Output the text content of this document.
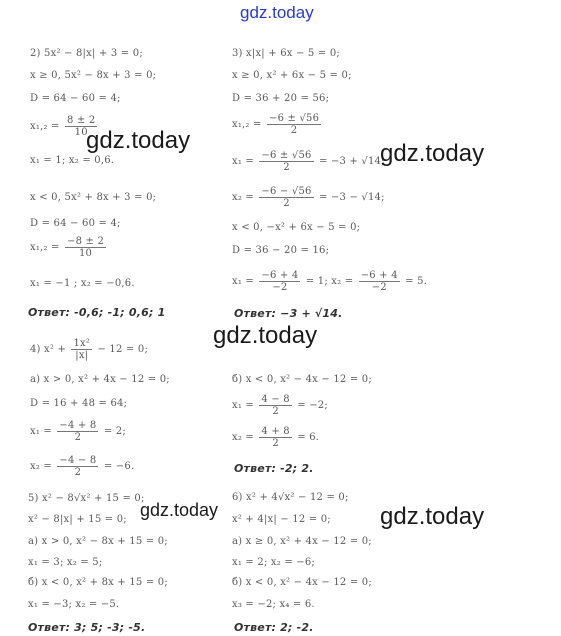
gdz.today
2) 5x² − 8|x| + 3 = 0;
x ≥ 0, 5x² − 8x + 3 = 0;
D = 64 − 60 = 4;
$x_1,_2 = \frac{8 \pm 2}{10}$
x₁ = 1; x₂ = 0,6.
x < 0, 5x² + 8x + 3 = 0;
D = 64 − 60 = 4;
$x_1,_2 = \frac{-8 \pm 2}{10}$
x₁ = −1 ; x₂ = −0,6.
Ответ: -0,6; -1; 0,6; 1
4) $x^2 + \frac{\text{1x²}}{|x|} - 12 = 0$;
а) x > 0, x² + 4x − 12 = 0;
D = 16 + 48 = 64;
$x_1 = \frac{-4 + 8}{2} = 2$;
$x_2 = \frac{-4 - 8}{2} = -6$.
5) x² − 8√x² + 15 = 0;
x² − 8|x| + 15 = 0;
а) x > 0, x² − 8x + 15 = 0;
x₁ = 3; x₂ = 5;
б) x < 0, x² + 8x + 15 = 0;
x₁ = −3; x₂ = −5.
Ответ: 3; 5; -3; -5.
3) x|x| + 6x − 5 = 0;
x ≥ 0, x² + 6x − 5 = 0;
D = 36 + 20 = 56;
$x_1,_2 = \frac{-6 \pm √56}{2}$
$x_1 = \frac{-6 \pm √56}{2} = -3 + √14$;
$x_2 = \frac{-6 - √56}{2} = -3 - √14$;
x < 0, −x² + 6x − 5 = 0;
D = 36 − 20 = 16;
$x_1 = \frac{-6 + 4}{-2} = 1$; $x_2 = \frac{-6 + 4}{-2} = 5$.
Ответ: −3 + √14.
б) x < 0, x² − 4x − 12 = 0;
$x_1 = \frac{4 - 8}{2} = -2$;
$x_2 = \frac{4 + 8}{2} = 6$.
Ответ: -2; 2.
6) x² + 4√x² − 12 = 0;
x² + 4|x| − 12 = 0;
а) x ≥ 0, x² + 4x − 12 = 0;
x₁ = 2; x₂ = −6;
б) x < 0, x² − 4x − 12 = 0;
x₃ = −2; x₄ = 6.
Ответ: 2; -2.
gdz.today	gdz.today
gdz.today
gdz.today	gdz.today
